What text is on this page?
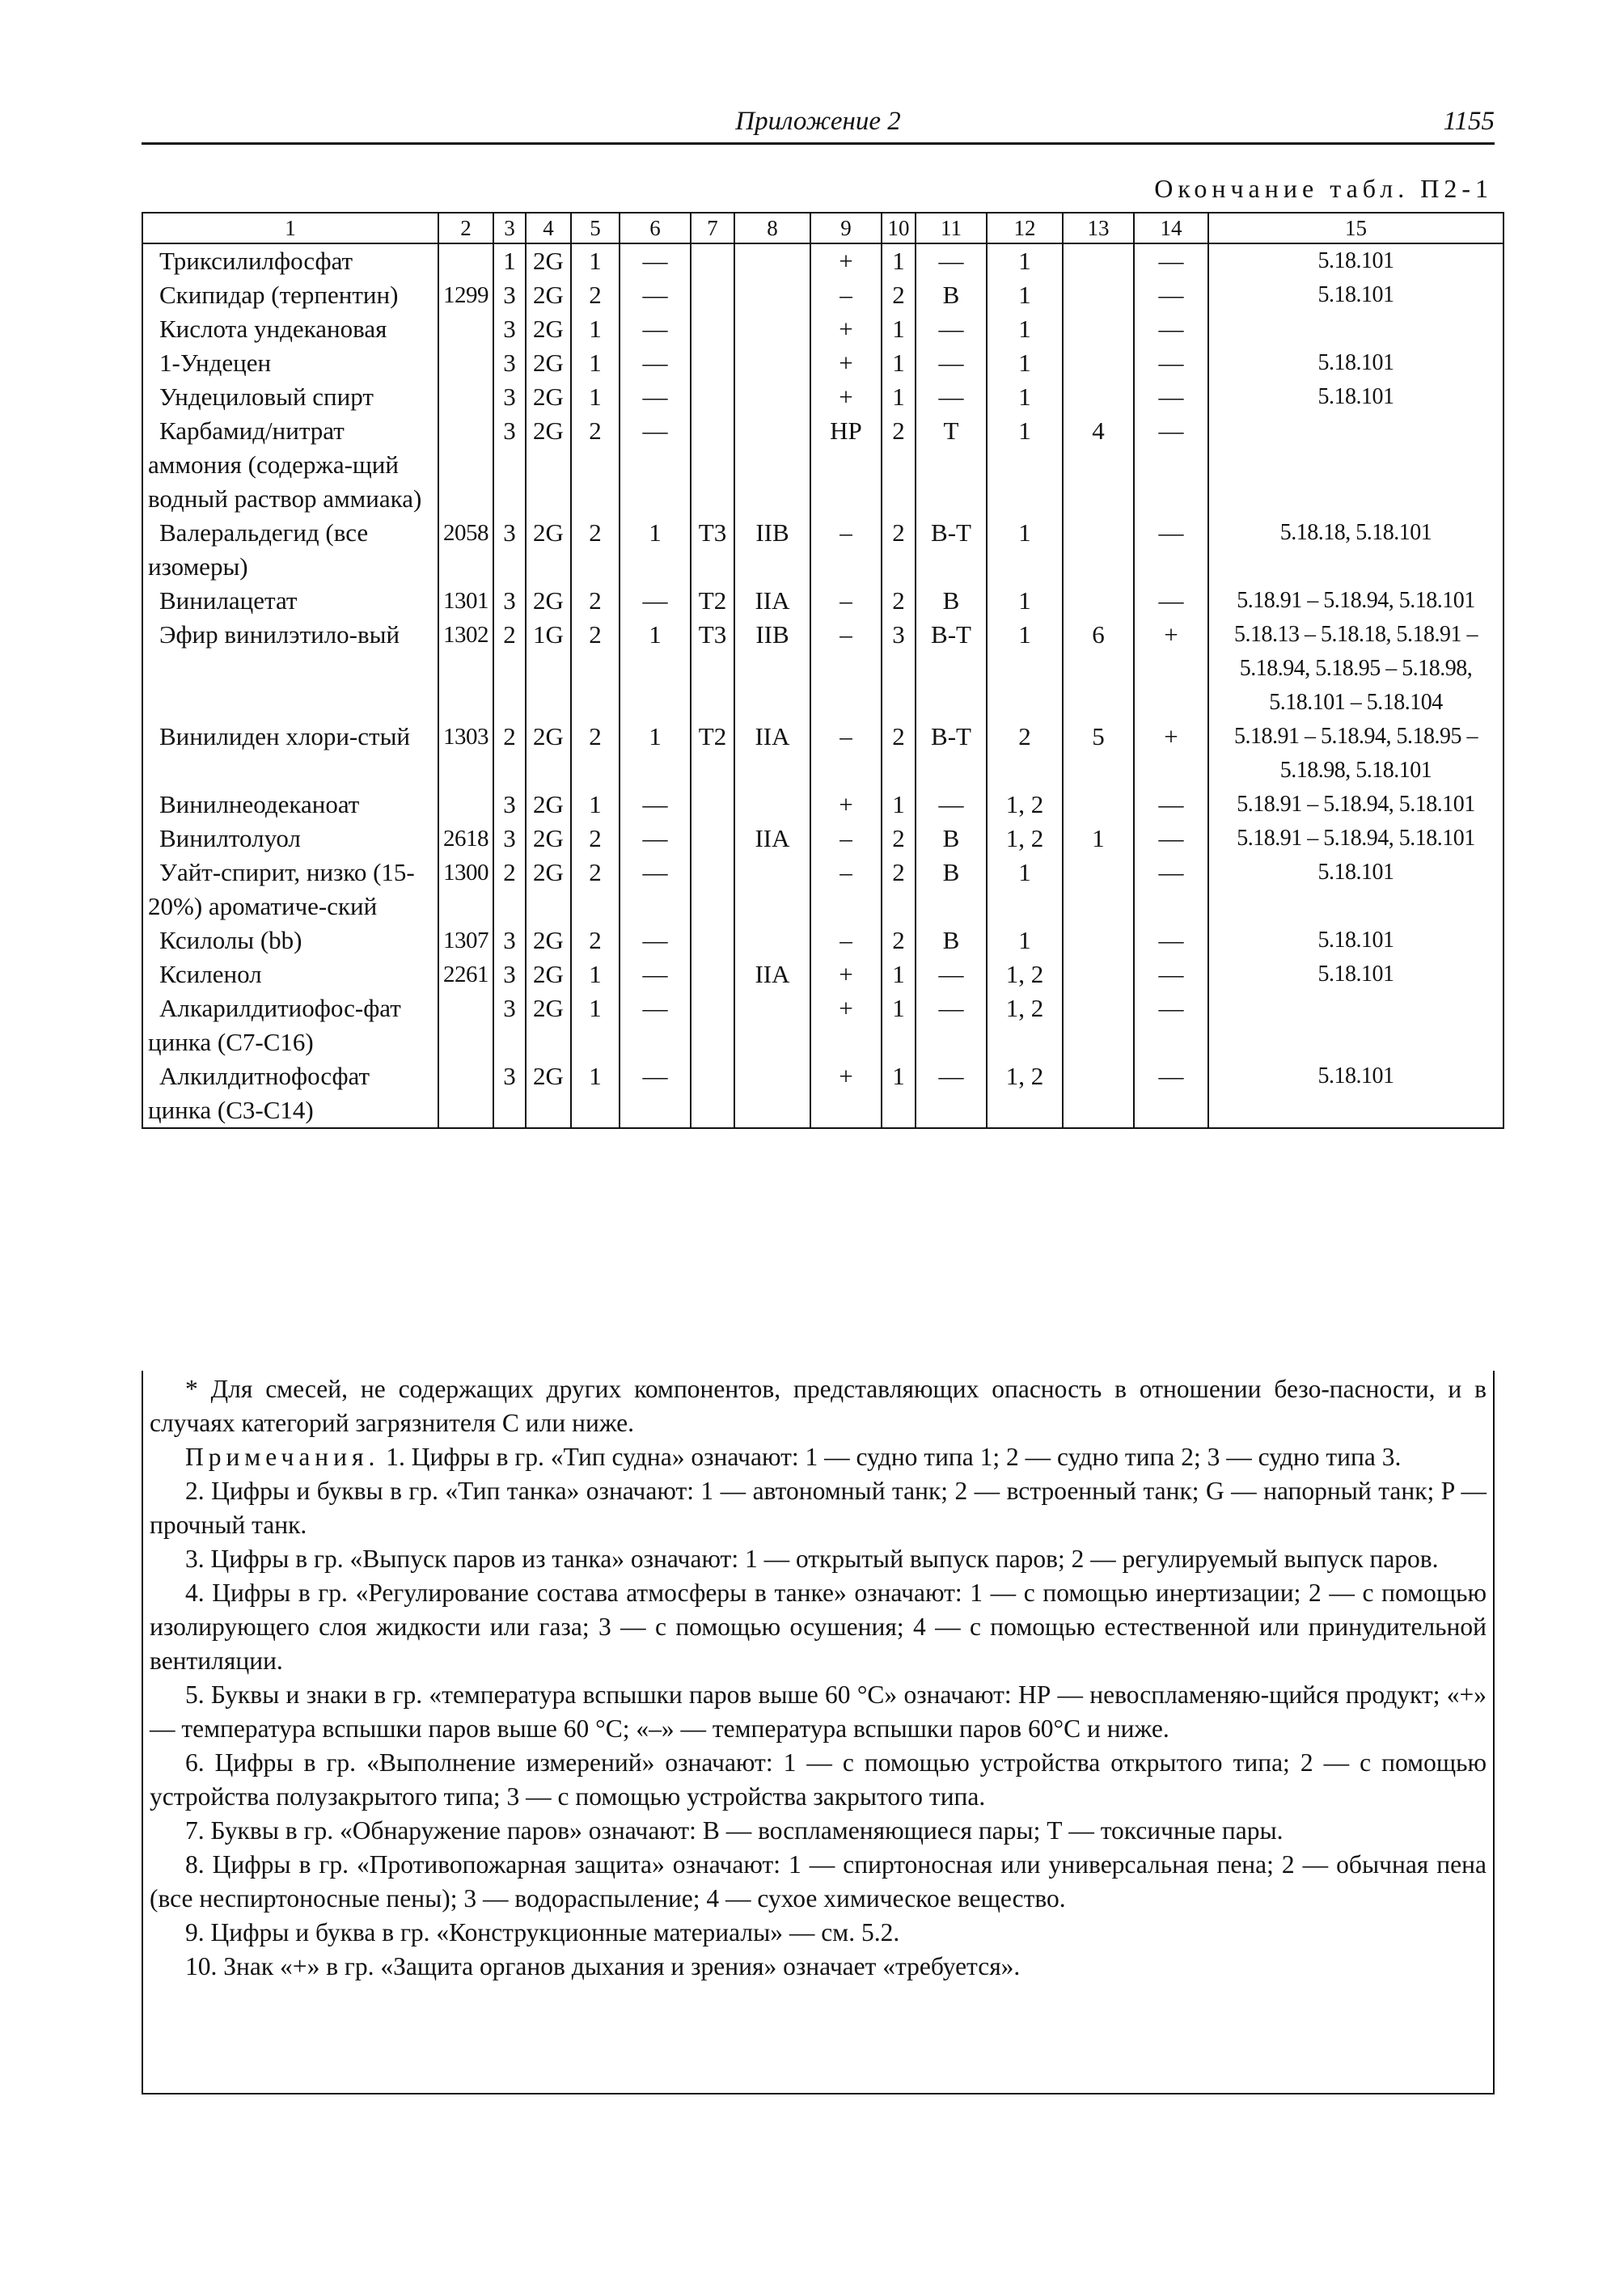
Приложение 2	1155
Окончание табл. П2-1
1	2	3	4	5	6	7	8	9	10	11	12	13	14	15
Триксилилфосфат		1	2G	1	—			+	1	—	1		—	5.18.101
Скипидар (терпентин)	1299	3	2G	2	—			–	2	B	1		—	5.18.101
Кислота ундекановая		3	2G	1	—			+	1	—	1		—	
1-Ундецен		3	2G	1	—			+	1	—	1		—	5.18.101
Ундециловый спирт		3	2G	1	—			+	1	—	1		—	5.18.101
Карбамид/нитрат аммония (содержа-щий водный раствор аммиака)		3	2G	2	—			НР	2	Т	1	4	—	
Валеральдегид (все изомеры)	2058	3	2G	2	1	Т3	IIB	–	2	B-T	1		—	5.18.18, 5.18.101
Винилацетат	1301	3	2G	2	—	Т2	IIA	–	2	B	1		—	5.18.91 – 5.18.94, 5.18.101
Эфир винилэтило-вый	1302	2	1G	2	1	Т3	IIB	–	3	B-T	1	6	+	5.18.13 – 5.18.18, 5.18.91 – 5.18.94, 5.18.95 – 5.18.98, 5.18.101 – 5.18.104
Винилиден хлори-стый	1303	2	2G	2	1	Т2	IIA	–	2	B-T	2	5	+	5.18.91 – 5.18.94, 5.18.95 – 5.18.98, 5.18.101
Винилнеодеканоат		3	2G	1	—			+	1	—	1, 2		—	5.18.91 – 5.18.94, 5.18.101
Винилтолуол	2618	3	2G	2	—		IIA	–	2	B	1, 2	1	—	5.18.91 – 5.18.94, 5.18.101
Уайт-спирит, низко (15-20%) ароматиче-ский	1300	2	2G	2	—			–	2	B	1		—	5.18.101
Ксилолы (bb)	1307	3	2G	2	—			–	2	B	1		—	5.18.101
Ксиленол	2261	3	2G	1	—		IIA	+	1	—	1, 2		—	5.18.101
Алкарилдитиофос-фат цинка (C7-C16)		3	2G	1	—			+	1	—	1, 2		—	
Алкилдитнофосфат цинка (C3-C14)		3	2G	1	—			+	1	—	1, 2		—	5.18.101

* Для смесей, не содержащих других компонентов, представляющих опасность в отношении безо-пасности, и в случаях категорий загрязнителя С или ниже.

Примечания. 1. Цифры в гр. «Тип судна» означают: 1 — судно типа 1; 2 — судно типа 2; 3 — судно типа 3.

2. Цифры и буквы в гр. «Тип танка» означают: 1 — автономный танк; 2 — встроенный танк; G — напорный танк; P — прочный танк.

3. Цифры в гр. «Выпуск паров из танка» означают: 1 — открытый выпуск паров; 2 — регулируемый выпуск паров.

4. Цифры в гр. «Регулирование состава атмосферы в танке» означают: 1 — с помощью инертизации; 2 — с помощью изолирующего слоя жидкости или газа; 3 — с помощью осушения; 4 — с помощью естественной или принудительной вентиляции.

5. Буквы и знаки в гр. «температура вспышки паров выше 60 °С» означают: НР — невоспламеняю-щийся продукт; «+» — температура вспышки паров выше 60 °С; «–» — температура вспышки паров 60°С и ниже.

6. Цифры в гр. «Выполнение измерений» означают: 1 — с помощью устройства открытого типа; 2 — с помощью устройства полузакрытого типа; 3 — с помощью устройства закрытого типа.

7. Буквы в гр. «Обнаружение паров» означают: В — воспламеняющиеся пары; Т — токсичные пары.

8. Цифры в гр. «Противопожарная защита» означают: 1 — спиртоносная или универсальная пена; 2 — обычная пена (все неспиртоносные пены); 3 — водораспыление; 4 — сухое химическое вещество.

9. Цифры и буква в гр. «Конструкционные материалы» — см. 5.2.

10. Знак «+» в гр. «Защита органов дыхания и зрения» означает «требуется».
